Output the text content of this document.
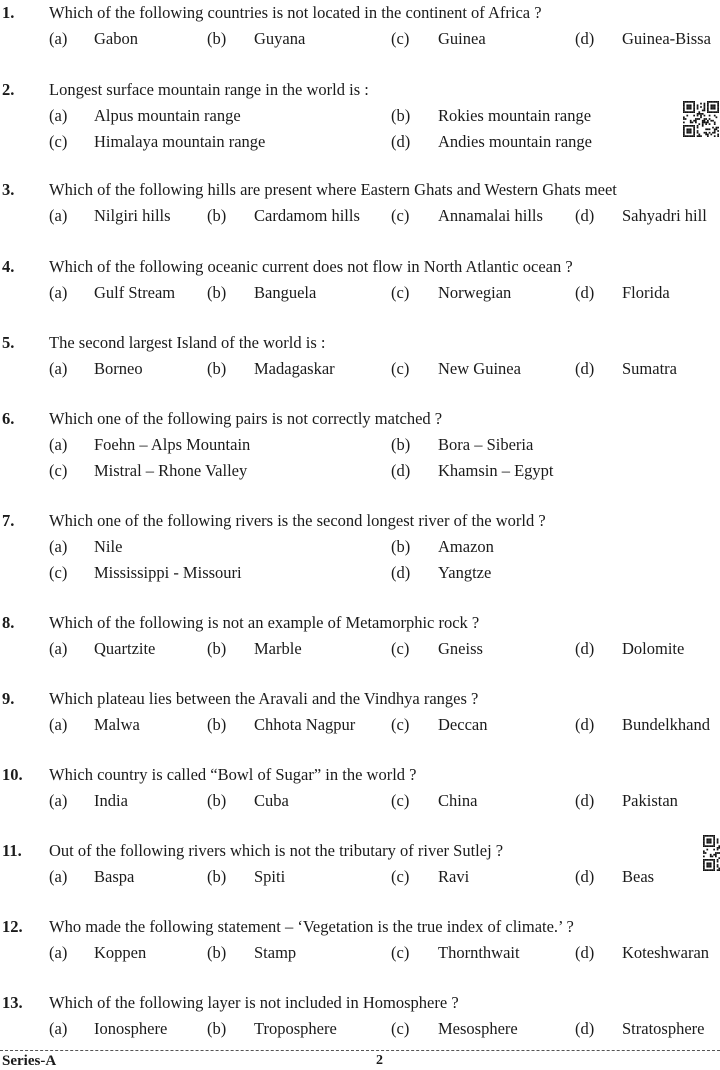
1. Which of the following countries is not located in the continent of Africa ?
(a) Gabon	(b) Guyana	(c) Guinea	(d) Guinea-Bissa
2. Longest surface mountain range in the world is :
(a) Alpus mountain range	(b) Rokies mountain range
(c) Himalaya mountain range	(d) Andies mountain range
3. Which of the following hills are present where Eastern Ghats and Western Ghats meet
(a) Nilgiri hills (b) Cardamom hills (c) Annamalai hills (d) Sahyadri hill
4. Which of the following oceanic current does not flow in North Atlantic ocean ?
(a) Gulf Stream (b) Banguela	(c) Norwegian	(d) Florida
5. The second largest Island of the world is :
(a) Borneo	(b) Madagaskar	(c) New Guinea	(d) Sumatra
6. Which one of the following pairs is not correctly matched ?
(a) Foehn – Alps Mountain	(b) Bora – Siberia
(c) Mistral – Rhone Valley	(d) Khamsin – Egypt
7. Which one of the following rivers is the second longest river of the world ?
(a) Nile	(b) Amazon
(c) Mississippi - Missouri	(d) Yangtze
8. Which of the following is not an example of Metamorphic rock ?
(a) Quartzite	(b) Marble	(c) Gneiss	(d) Dolomite
9. Which plateau lies between the Aravali and the Vindhya ranges ?
(a) Malwa	(b) Chhota Nagpur (c) Deccan	(d) Bundelkhand
10. Which country is called “Bowl of Sugar” in the world ?
(a) India	(b) Cuba	(c) China	(d) Pakistan
11. Out of the following rivers which is not the tributary of river Sutlej ?
(a) Baspa	(b) Spiti	(c) Ravi	(d) Beas
12. Who made the following statement – ‘Vegetation is the true index of climate.’ ?
(a) Koppen	(b) Stamp	(c) Thornthwait	(d) Koteshwaran
13. Which of the following layer is not included in Homosphere ?
(a) Ionosphere (b) Troposphere	(c) Mesosphere	(d) Stratosphere
Series-A	2
